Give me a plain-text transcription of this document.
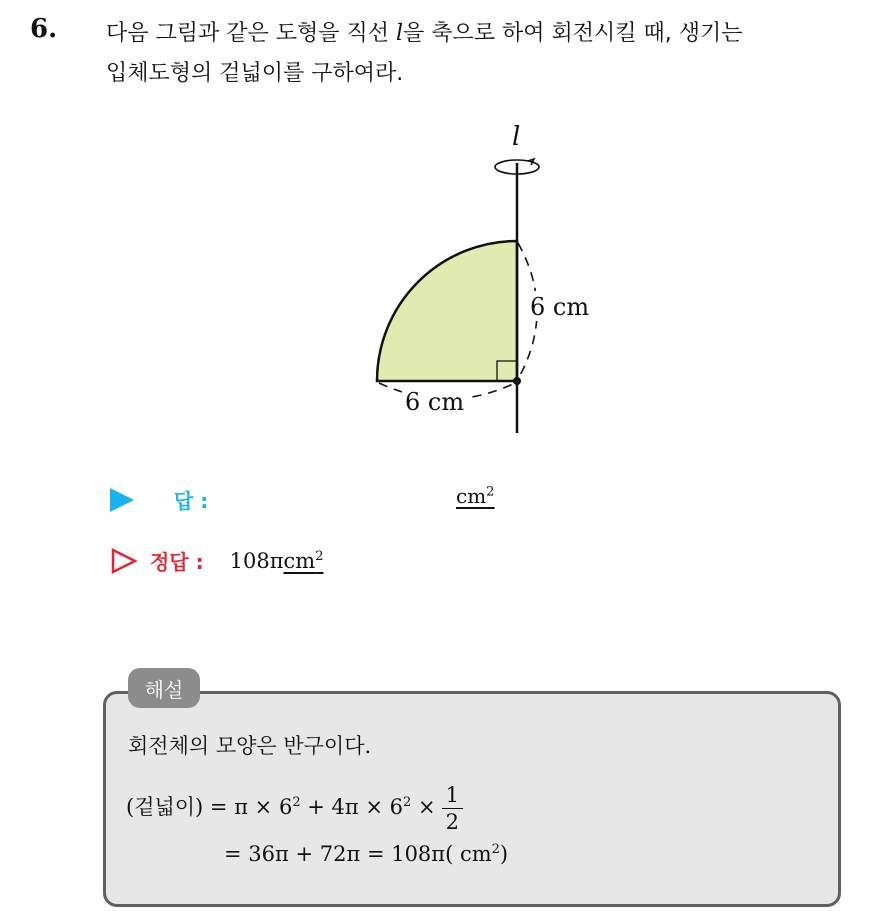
6. 다음 그림과 같은 도형을 직선 l을 축으로 하여 회전시킬 때, 생기는
입체도형의 겉넓이를 구하여라.
l
6 cm
6 cm
답 :	$cm^2$
정답 : 108πcm$^2$
해설
회전체의 모양은 반구이다.
(겉넓이) = $\pi \times 6^2 + 4\pi \times 6^2 \times \frac{1}{2}$
= 36π + 72π = 108π( $cm^2$)
